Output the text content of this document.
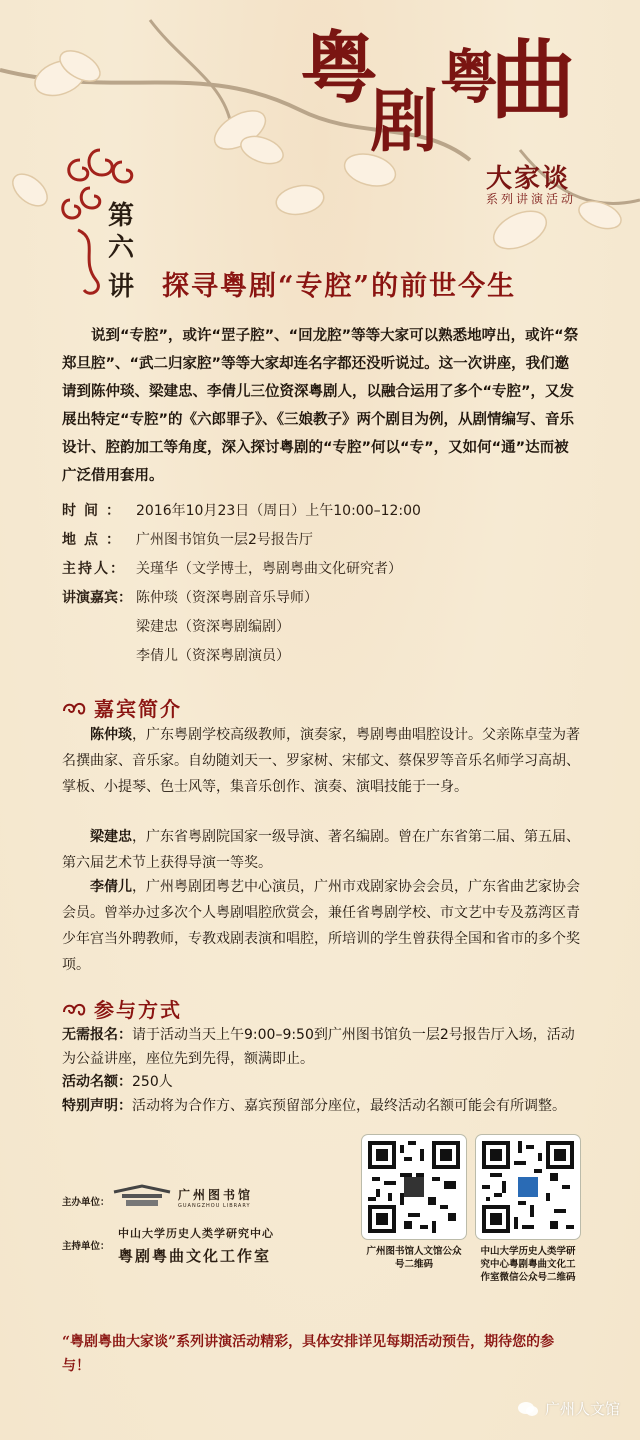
粤
剧
粤
曲
大家谈
系列讲演活动
第
六
讲 探寻粤剧“专腔”的前世今生
说到“专腔”，或许“罡子腔”、“回龙腔”等等大家可以熟悉地哼出，或许“祭郑旦腔”、“武二归家腔”等等大家却连名字都还没听说过。这一次讲座，我们邀请到陈仲琰、梁建忠、李倩儿三位资深粤剧人，以融合运用了多个“专腔”，又发展出特定“专腔”的《六郎罪子》、《三娘教子》两个剧目为例，从剧情编写、音乐设计、腔韵加工等角度，深入探讨粤剧的“专腔”何以“专”，又如何“通”达而被广泛借用套用。
时间： 2016年10月23日（周日）上午10:00–12:00
地点： 广州图书馆负一层2号报告厅
主持人： 关瑾华（文学博士，粤剧粤曲文化研究者）
讲演嘉宾： 陈仲琰（资深粤剧音乐导师）
梁建忠（资深粤剧编剧）
李倩儿（资深粤剧演员）
嘉宾简介
陈仲琰，广东粤剧学校高级教师，演奏家，粤剧粤曲唱腔设计。父亲陈卓莹为著名撰曲家、音乐家。自幼随刘天一、罗家树、宋郁文、蔡保罗等音乐名师学习高胡、掌板、小提琴、色士风等，集音乐创作、演奏、演唱技能于一身。
梁建忠，广东省粤剧院国家一级导演、著名编剧。曾在广东省第二届、第五届、第六届艺术节上获得导演一等奖。
李倩儿，广州粤剧团粤艺中心演员，广州市戏剧家协会会员，广东省曲艺家协会会员。曾举办过多次个人粤剧唱腔欣赏会，兼任省粤剧学校、市文艺中专及荔湾区青少年宫当外聘教师，专教戏剧表演和唱腔，所培训的学生曾获得全国和省市的多个奖项。
参与方式

无需报名：请于活动当天上午9:00–9:50到广州图书馆负一层2号报告厅入场，活动为公益讲座，座位先到先得，额满即止。

活动名额：250人

特别声明：活动将为合作方、嘉宾预留部分座位，最终活动名额可能会有所调整。

广州图书馆人文馆公众号二维码
中山大学历史人类学研究中心粤剧粤曲文化工作室微信公众号二维码
主办单位：
广州图书馆
GUANGZHOU LIBRARY
主持单位：
中山大学历史人类学研究中心
粤剧粤曲文化工作室
“粤剧粤曲大家谈”系列讲演活动精彩，具体安排详见每期活动预告，期待您的参与！
广州人文馆
